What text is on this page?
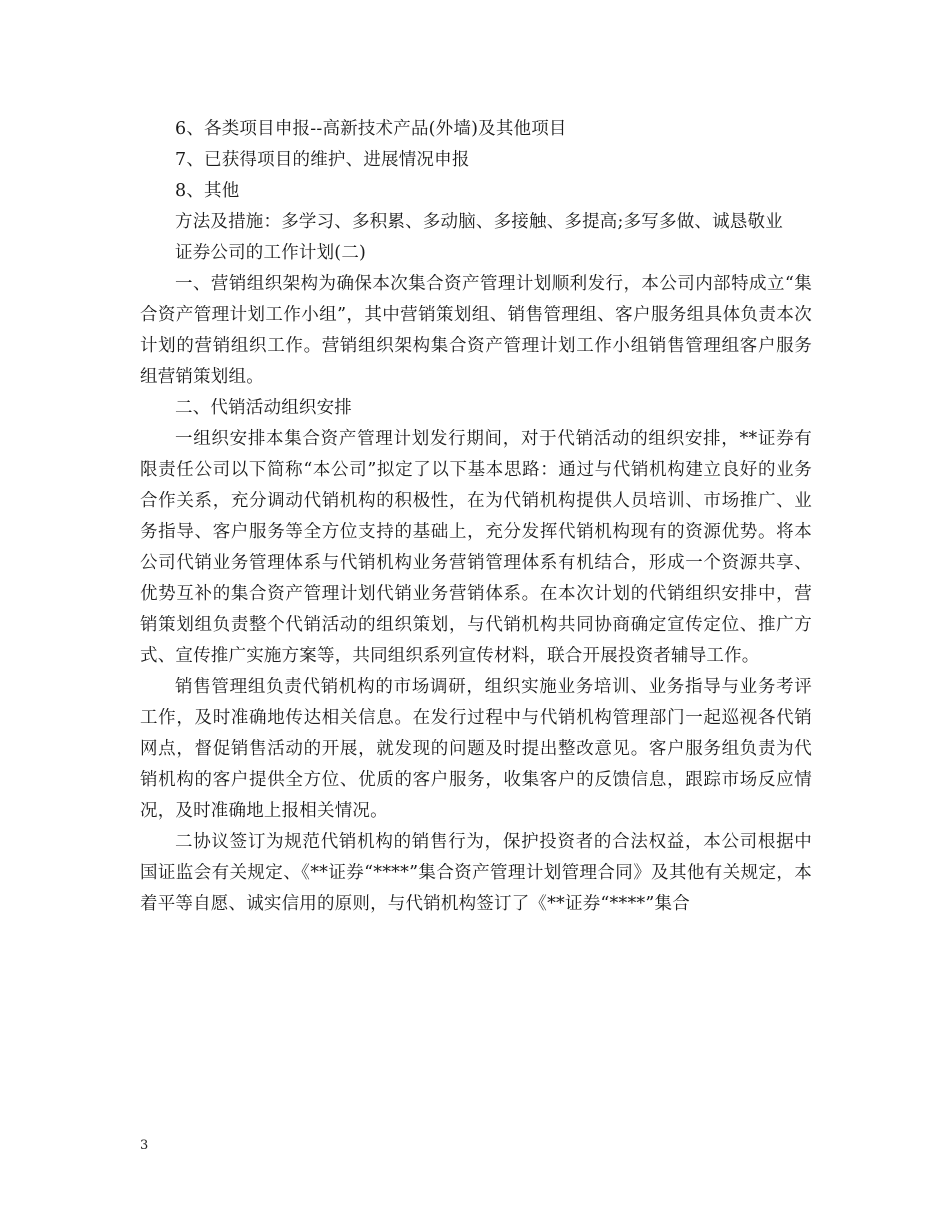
6、各类项目申报--高新技术产品(外墙)及其他项目

7、已获得项目的维护、进展情况申报

8、其他

方法及措施：多学习、多积累、多动脑、多接触、多提高;多写多做、诚恳敬业

证券公司的工作计划(二)

一、营销组织架构为确保本次集合资产管理计划顺利发行，本公司内部特成立“集合资产管理计划工作小组”，其中营销策划组、销售管理组、客户服务组具体负责本次计划的营销组织工作。营销组织架构集合资产管理计划工作小组销售管理组客户服务组营销策划组。

二、代销活动组织安排

一组织安排本集合资产管理计划发行期间，对于代销活动的组织安排，**证券有限责任公司以下简称“本公司”拟定了以下基本思路：通过与代销机构建立良好的业务合作关系，充分调动代销机构的积极性，在为代销机构提供人员培训、市场推广、业务指导、客户服务等全方位支持的基础上，充分发挥代销机构现有的资源优势。将本公司代销业务管理体系与代销机构业务营销管理体系有机结合，形成一个资源共享、优势互补的集合资产管理计划代销业务营销体系。在本次计划的代销组织安排中，营销策划组负责整个代销活动的组织策划，与代销机构共同协商确定宣传定位、推广方式、宣传推广实施方案等，共同组织系列宣传材料，联合开展投资者辅导工作。

销售管理组负责代销机构的市场调研，组织实施业务培训、业务指导与业务考评工作，及时准确地传达相关信息。在发行过程中与代销机构管理部门一起巡视各代销网点，督促销售活动的开展，就发现的问题及时提出整改意见。客户服务组负责为代销机构的客户提供全方位、优质的客户服务，收集客户的反馈信息，跟踪市场反应情况，及时准确地上报相关情况。

二协议签订为规范代销机构的销售行为，保护投资者的合法权益，本公司根据中国证监会有关规定、《**证券“****”集合资产管理计划管理合同》及其他有关规定，本着平等自愿、诚实信用的原则，与代销机构签订了《**证券“****”集合

3
